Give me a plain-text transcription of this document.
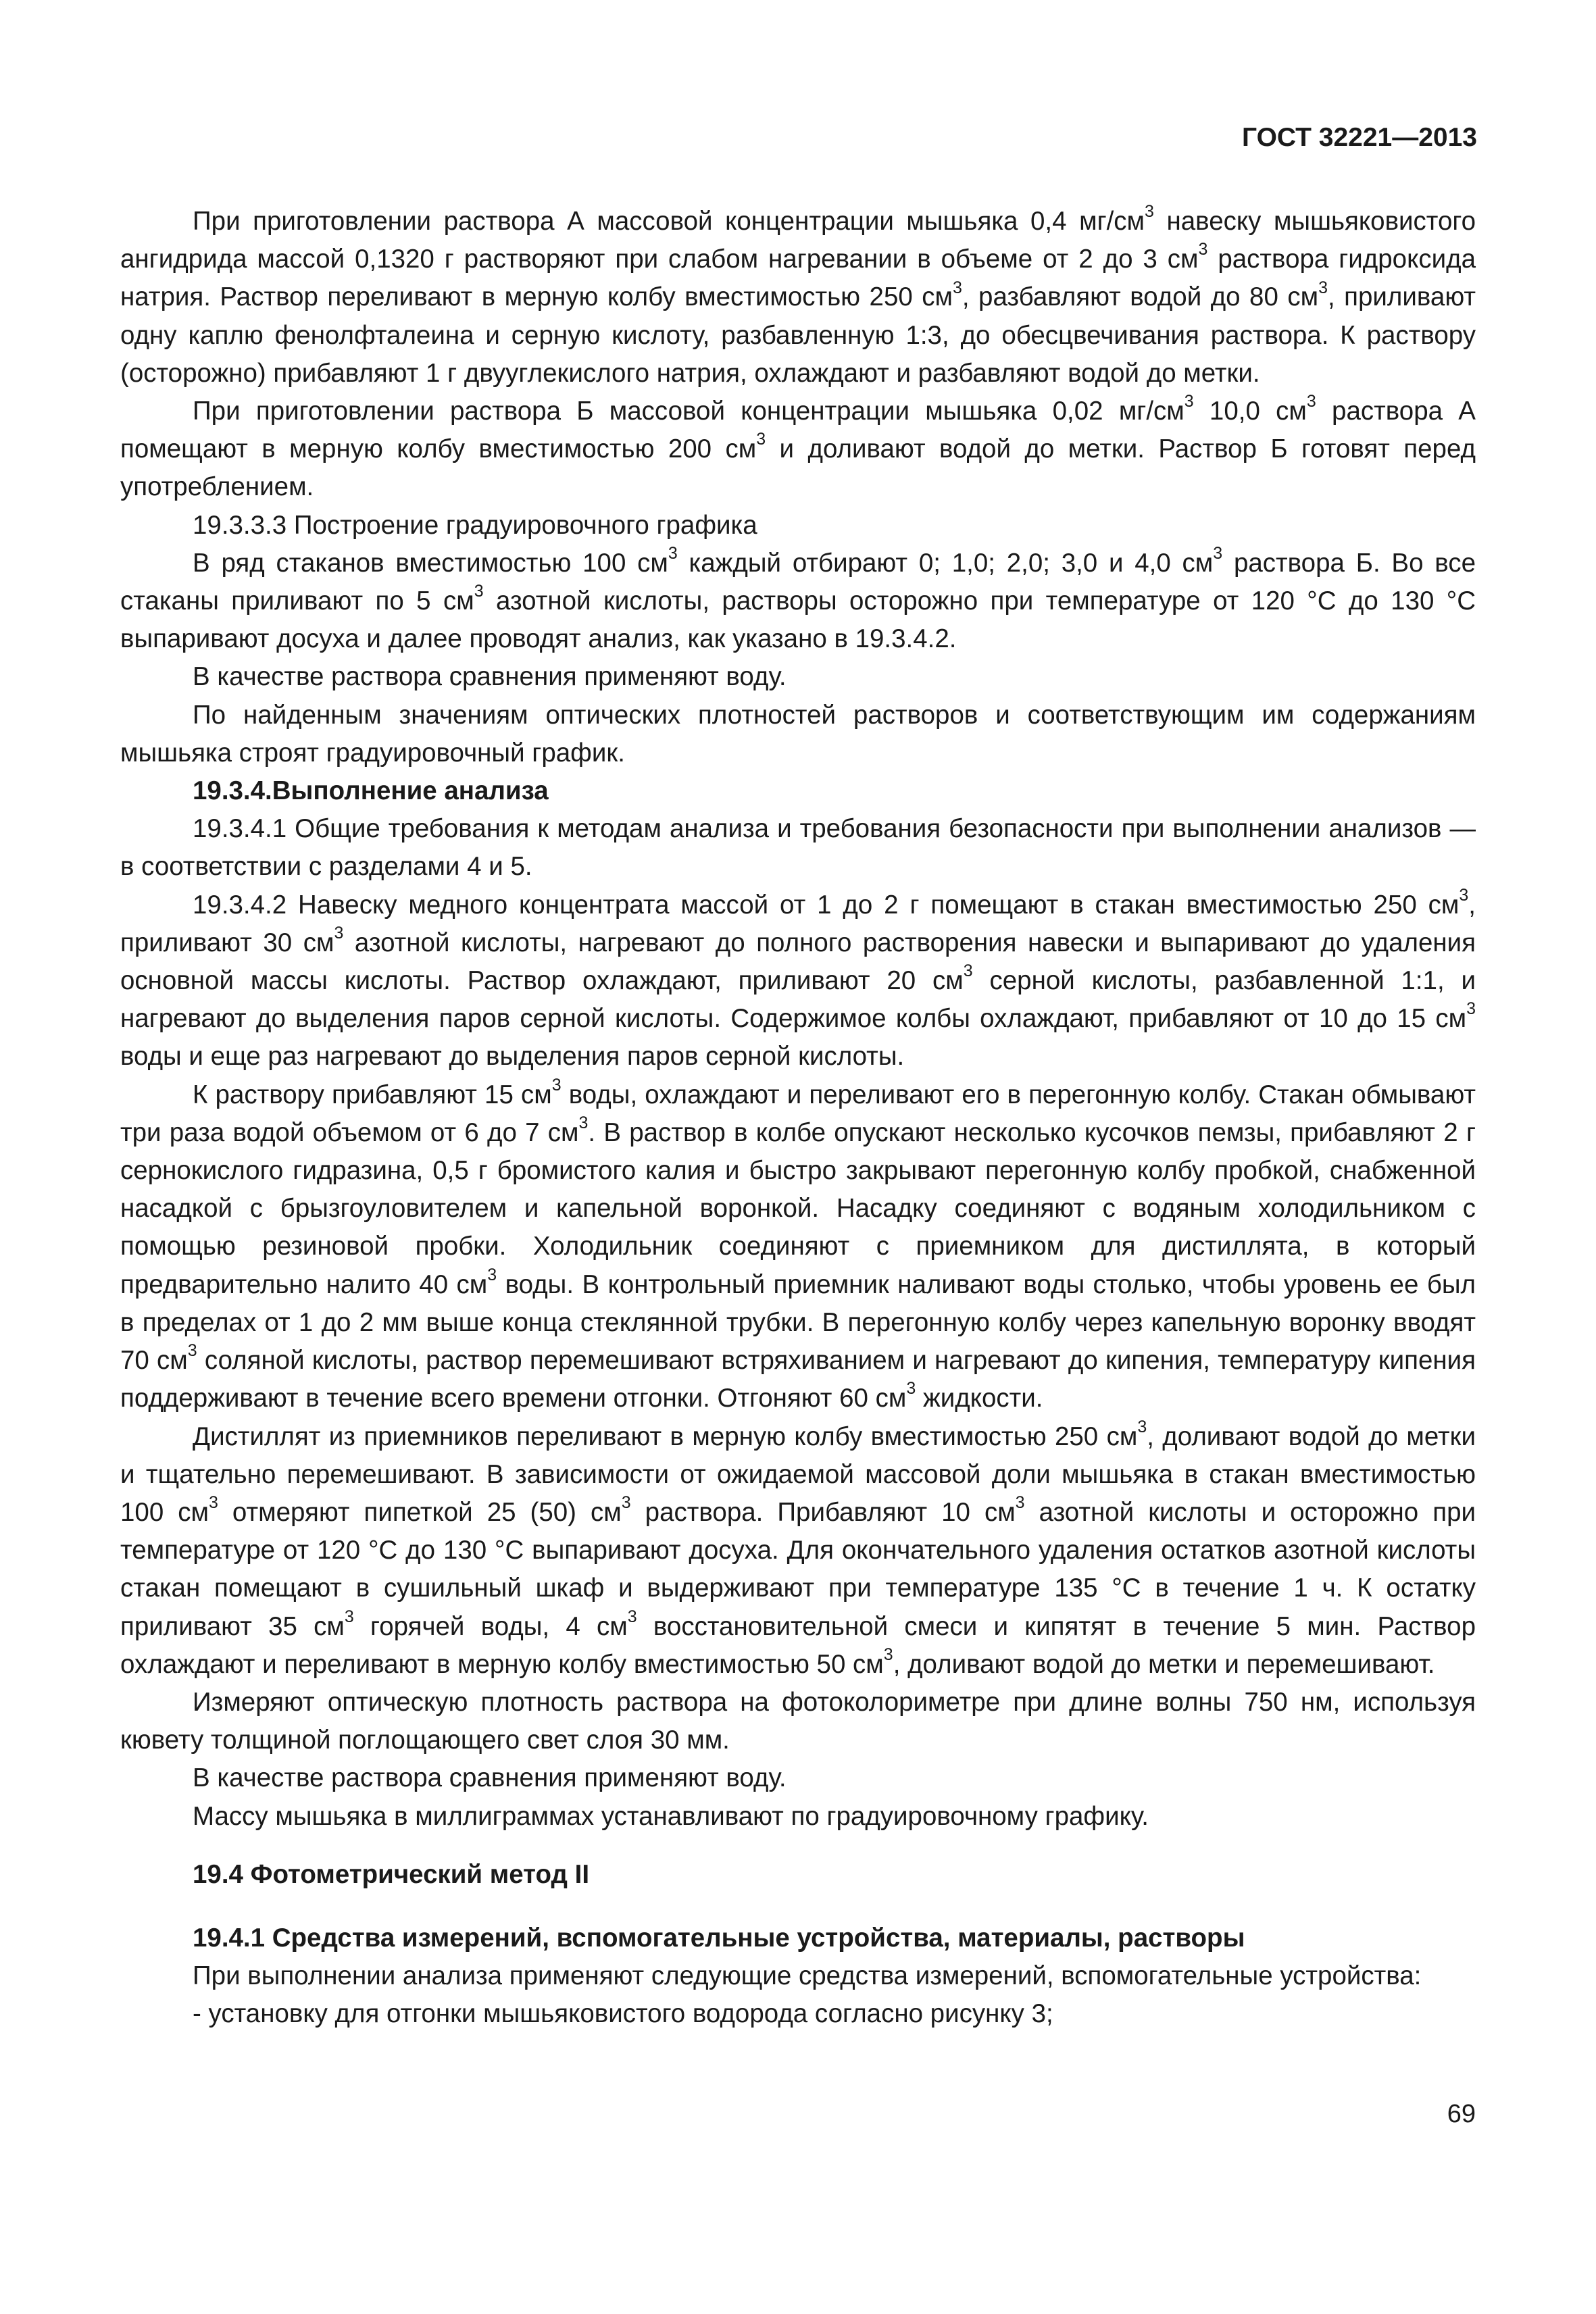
ГОСТ 32221—2013

При приготовлении раствора А массовой концентрации мышьяка 0,4 $мг/см^3$ навеску мышьяковистого ангидрида массой 0,1320 г растворяют при слабом нагревании в объеме от 2 до 3 $см^3$ раствора гидроксида натрия. Раствор переливают в мерную колбу вместимостью 250 $см^3$, разбавляют водой до 80 $см^3$, приливают одну каплю фенолфталеина и серную кислоту, разбавленную 1:3, до обесцвечивания раствора. К раствору (осторожно) прибавляют 1 г двууглекислого натрия, охлаждают и разбавляют водой до метки.

При приготовлении раствора Б массовой концентрации мышьяка 0,02 $мг/см^3$ 10,0 $см^3$ раствора А помещают в мерную колбу вместимостью 200 $см^3$ и доливают водой до метки. Раствор Б готовят перед употреблением.

19.3.3.3 Построение градуировочного графика

В ряд стаканов вместимостью 100 $см^3$ каждый отбирают 0; 1,0; 2,0; 3,0 и 4,0 $см^3$ раствора Б. Во все стаканы приливают по 5 $см^3$ азотной кислоты, растворы осторожно при температуре от 120 °С до 130 °С выпаривают досуха и далее проводят анализ, как указано в 19.3.4.2.

В качестве раствора сравнения применяют воду.

По найденным значениям оптических плотностей растворов и соответствующим им содержаниям мышьяка строят градуировочный график.

19.3.4.Выполнение анализа

19.3.4.1 Общие требования к методам анализа и требования безопасности при выполнении анализов — в соответствии с разделами 4 и 5.

19.3.4.2 Навеску медного концентрата массой от 1 до 2 г помещают в стакан вместимостью 250 $см^3$, приливают 30 $см^3$ азотной кислоты, нагревают до полного растворения навески и выпаривают до удаления основной массы кислоты. Раствор охлаждают, приливают 20 $см^3$ серной кислоты, разбавленной 1:1, и нагревают до выделения паров серной кислоты. Содержимое колбы охлаждают, прибавляют от 10 до 15 $см^3$ воды и еще раз нагревают до выделения паров серной кислоты.

К раствору прибавляют 15 $см^3$ воды, охлаждают и переливают его в перегонную колбу. Стакан обмывают три раза водой объемом от 6 до 7 $см^3$. В раствор в колбе опускают несколько кусочков пемзы, прибавляют 2 г сернокислого гидразина, 0,5 г бромистого калия и быстро закрывают перегонную колбу пробкой, снабженной насадкой с брызгоуловителем и капельной воронкой. Насадку соединяют с водяным холодильником с помощью резиновой пробки. Холодильник соединяют с приемником для дистиллята, в который предварительно налито 40 $см^3$ воды. В контрольный приемник наливают воды столько, чтобы уровень ее был в пределах от 1 до 2 мм выше конца стеклянной трубки. В перегонную колбу через капельную воронку вводят 70 $см^3$ соляной кислоты, раствор перемешивают встряхиванием и нагревают до кипения, температуру кипения поддерживают в течение всего времени отгонки. Отгоняют 60 $см^3$ жидкости.

Дистиллят из приемников переливают в мерную колбу вместимостью 250 $см^3$, доливают водой до метки и тщательно перемешивают. В зависимости от ожидаемой массовой доли мышьяка в стакан вместимостью 100 $см^3$ отмеряют пипеткой 25 (50) $см^3$ раствора. Прибавляют 10 $см^3$ азотной кислоты и осторожно при температуре от 120 °С до 130 °С выпаривают досуха. Для окончательного удаления остатков азотной кислоты стакан помещают в сушильный шкаф и выдерживают при температуре 135 °С в течение 1 ч. К остатку приливают 35 $см^3$ горячей воды, 4 $см^3$ восстановительной смеси и кипятят в течение 5 мин. Раствор охлаждают и переливают в мерную колбу вместимостью 50 $см^3$, доливают водой до метки и перемешивают.

Измеряют оптическую плотность раствора на фотоколориметре при длине волны 750 нм, используя кювету толщиной поглощающего свет слоя 30 мм.

В качестве раствора сравнения применяют воду.

Массу мышьяка в миллиграммах устанавливают по градуировочному графику.

19.4 Фотометрический метод II

19.4.1 Средства измерений, вспомогательные устройства, материалы, растворы

При выполнении анализа применяют следующие средства измерений, вспомогательные устройства:

- установку для отгонки мышьяковистого водорода согласно рисунку 3;

69
